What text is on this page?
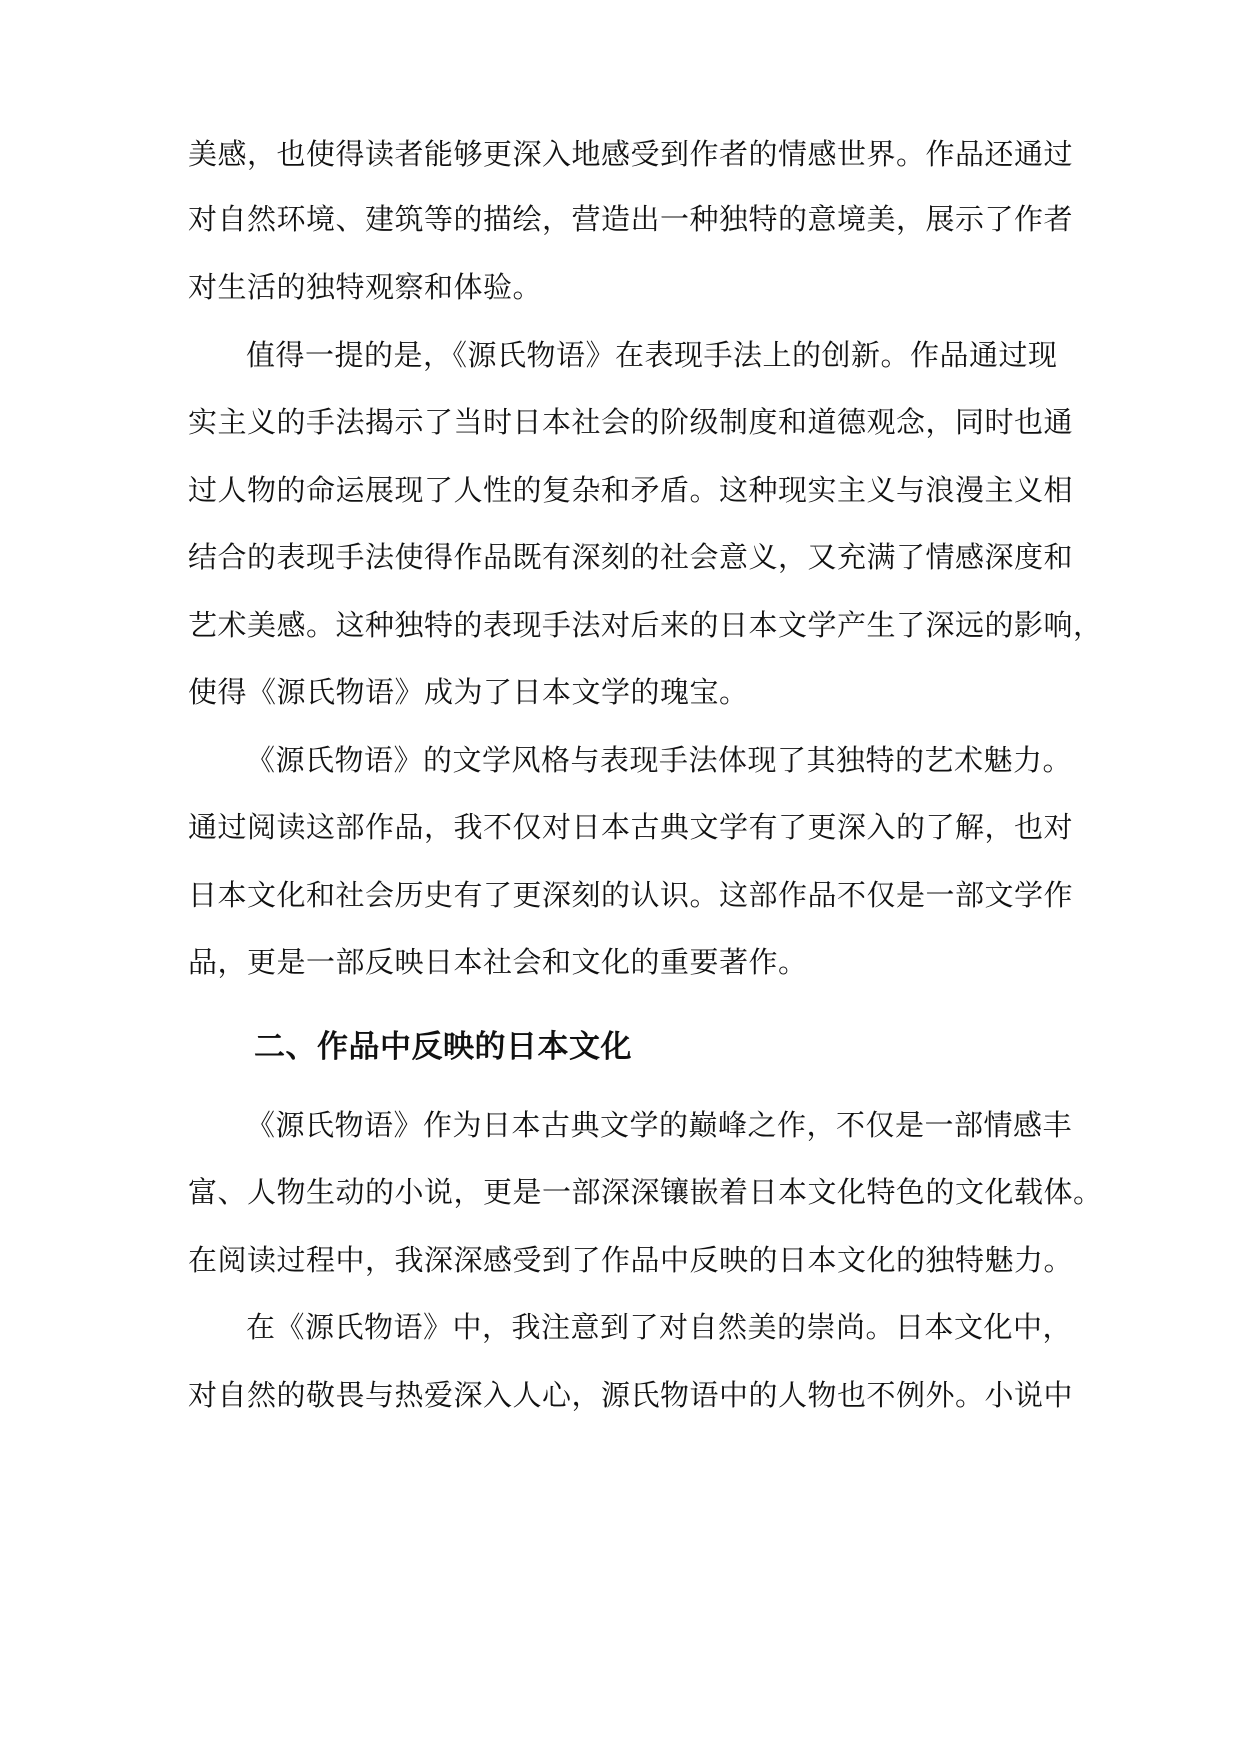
美感，也使得读者能够更深入地感受到作者的情感世界。作品还通过
对自然环境、建筑等的描绘，营造出一种独特的意境美，展示了作者
对生活的独特观察和体验。
值得一提的是，《源氏物语》在表现手法上的创新。作品通过现
实主义的手法揭示了当时日本社会的阶级制度和道德观念，同时也通
过人物的命运展现了人性的复杂和矛盾。这种现实主义与浪漫主义相
结合的表现手法使得作品既有深刻的社会意义，又充满了情感深度和
艺术美感。这种独特的表现手法对后来的日本文学产生了深远的影响，
使得《源氏物语》成为了日本文学的瑰宝。
《源氏物语》的文学风格与表现手法体现了其独特的艺术魅力。
通过阅读这部作品，我不仅对日本古典文学有了更深入的了解，也对
日本文化和社会历史有了更深刻的认识。这部作品不仅是一部文学作
品，更是一部反映日本社会和文化的重要著作。
二、作品中反映的日本文化
《源氏物语》作为日本古典文学的巅峰之作，不仅是一部情感丰
富、人物生动的小说，更是一部深深镶嵌着日本文化特色的文化载体。
在阅读过程中，我深深感受到了作品中反映的日本文化的独特魅力。
在《源氏物语》中，我注意到了对自然美的崇尚。日本文化中，
对自然的敬畏与热爱深入人心，源氏物语中的人物也不例外。小说中
